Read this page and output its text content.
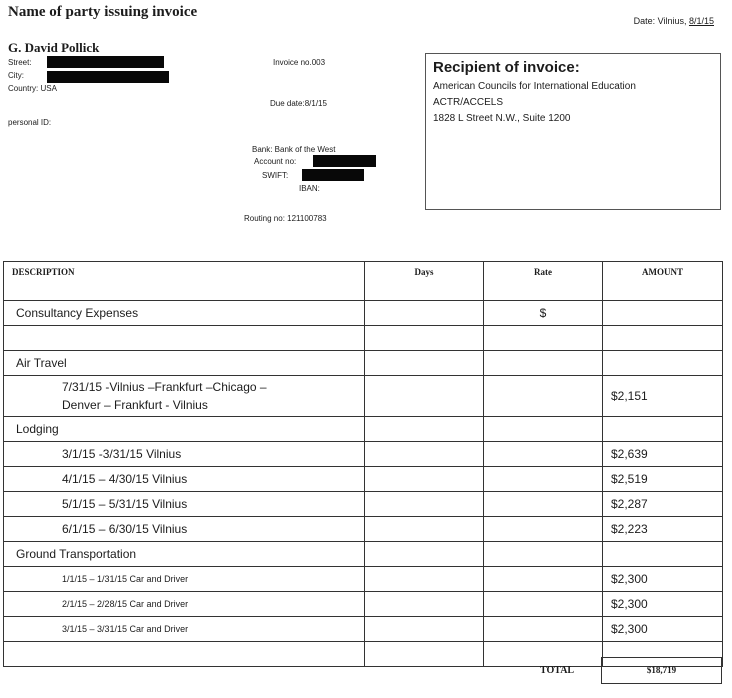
Name of party issuing invoice
Date: Vilnius, 8/1/15
G. David Pollick
Street:
City:
Country: USA
personal ID:
Invoice no.003
Due date:8/1/15
Bank: Bank of the West
Account no:
SWIFT:
IBAN:
Routing no: 121100783
Recipient of invoice:
American Councils for International Education
ACTR/ACCELS
1828 L Street N.W., Suite 1200
DESCRIPTION	Days	Rate	AMOUNT
Consultancy Expenses		$	

Air Travel			

7/31/15 -Vilnius –Frankfurt –Chicago –
Denver – Frankfurt - Vilnius			$2,151
Lodging			
3/1/15 -3/31/15 Vilnius			$2,639
4/1/15 – 4/30/15 Vilnius			$2,519
5/1/15 – 5/31/15 Vilnius			$2,287
6/1/15 – 6/30/15 Vilnius			$2,223
Ground Transportation			
1/1/15 – 1/31/15 Car and Driver			$2,300
2/1/15 – 2/28/15 Car and Driver			$2,300
3/1/15 – 3/31/15 Car and Driver			$2,300

TOTAL	$18,719
